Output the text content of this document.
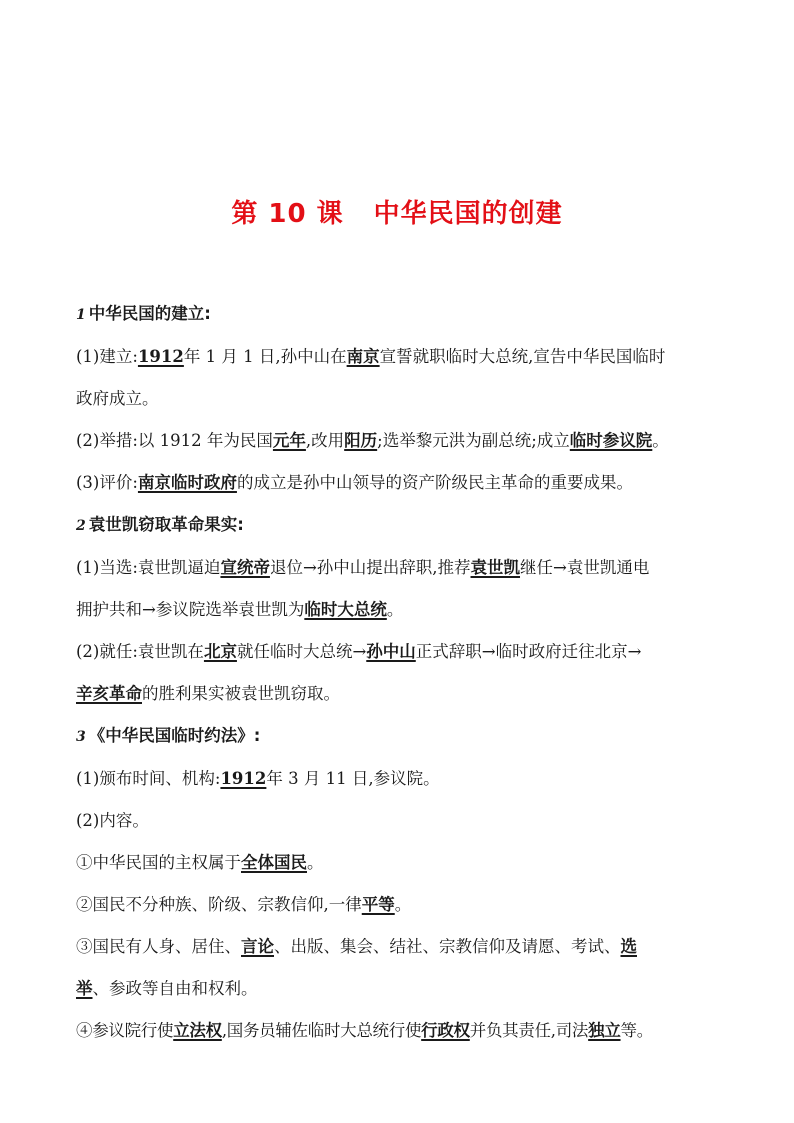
第 10 课 中华民国的创建
1 中华民国的建立:
(1)建立:1912年 1 月 1 日,孙中山在南京宣誓就职临时大总统,宣告中华民国临时
政府成立。
(2)举措:以 1912 年为民国元年,改用阳历;选举黎元洪为副总统;成立临时参议院。
(3)评价:南京临时政府的成立是孙中山领导的资产阶级民主革命的重要成果。
2 袁世凯窃取革命果实:
(1)当选:袁世凯逼迫宣统帝退位→孙中山提出辞职,推荐袁世凯继任→袁世凯通电
拥护共和→参议院选举袁世凯为临时大总统。
(2)就任:袁世凯在北京就任临时大总统→孙中山正式辞职→临时政府迁往北京→
辛亥革命的胜利果实被袁世凯窃取。
3 《中华民国临时约法》:
(1)颁布时间、机构:1912年 3 月 11 日,参议院。
(2)内容。
①中华民国的主权属于全体国民。
②国民不分种族、阶级、宗教信仰,一律平等。
③国民有人身、居住、言论、出版、集会、结社、宗教信仰及请愿、考试、选
举、参政等自由和权利。
④参议院行使立法权,国务员辅佐临时大总统行使行政权并负其责任,司法独立等。
